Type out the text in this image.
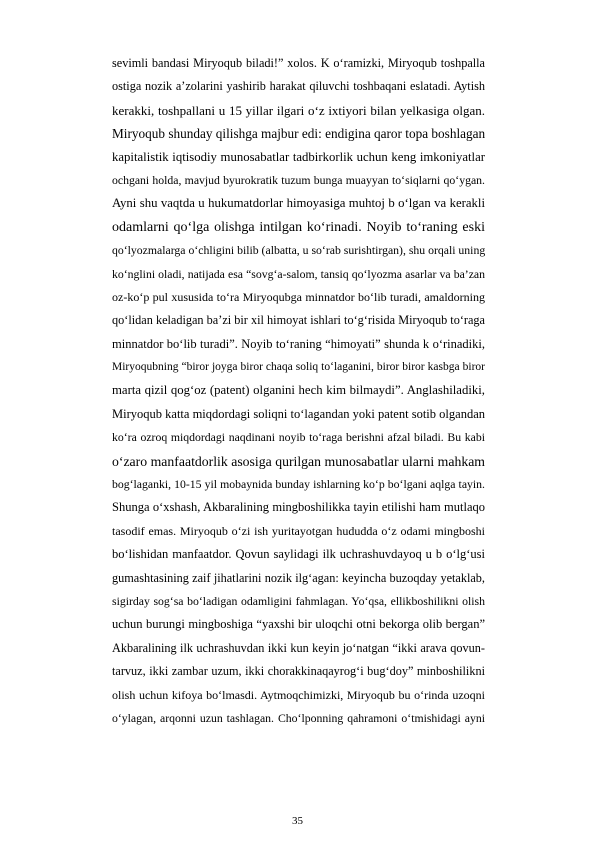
sevimli bandasi Miryoqub biladi!” xolos. K o‘ramizki, Miryoqub toshpalla
ostiga nozik a’zolarini yashirib harakat qiluvchi toshbaqani eslatadi. Aytish
kerakki, toshpallani u 15 yillar ilgari o‘z ixtiyori bilan yelkasiga olgan.
Miryoqub shunday qilishga majbur edi: endigina qaror topa boshlagan
kapitalistik iqtisodiy munosabatlar tadbirkorlik uchun keng imkoniyatlar
ochgani holda, mavjud byurokratik tuzum bunga muayyan to‘siqlarni qo‘ygan.
Ayni shu vaqtda u hukumatdorlar himoyasiga muhtoj b o‘lgan va kerakli
odamlarni qo‘lga olishga intilgan ko‘rinadi. Noyib to‘raning eski
qo‘lyozmalarga o‘chligini bilib (albatta, u so‘rab surishtirgan), shu orqali uning
ko‘nglini oladi, natijada esa “sovg‘a-salom, tansiq qo‘lyozma asarlar va ba’zan
oz-ko‘p pul xususida to‘ra Miryoqubga minnatdor bo‘lib turadi, amaldorning
qo‘lidan keladigan ba’zi bir xil himoyat ishlari to‘g‘risida Miryoqub to‘raga
minnatdor bo‘lib turadi”. Noyib to‘raning “himoyati” shunda k o‘rinadiki,
Miryoqubning “biror joyga biror chaqa soliq to‘laganini, biror biror kasbga biror
marta qizil qog‘oz (patent) olganini hech kim bilmaydi”. Anglashiladiki,
Miryoqub katta miqdordagi soliqni to‘lagandan yoki patent sotib olgandan
ko‘ra ozroq miqdordagi naqdinani noyib to‘raga berishni afzal biladi. Bu kabi
o‘zaro manfaatdorlik asosiga qurilgan munosabatlar ularni mahkam
bog‘laganki, 10-15 yil mobaynida bunday ishlarning ko‘p bo‘lgani aqlga tayin.
Shunga o‘xshash, Akbaralining mingboshilikka tayin etilishi ham mutlaqo
tasodif emas. Miryoqub o‘zi ish yuritayotgan hududda o‘z odami mingboshi
bo‘lishidan manfaatdor. Qovun saylidagi ilk uchrashuvdayoq u b o‘lg‘usi
gumashtasining zaif jihatlarini nozik ilg‘agan: keyincha buzoqday yetaklab,
sigirday sog‘sa bo‘ladigan odamligini fahmlagan. Yo‘qsa, ellikboshilikni olish
uchun burungi mingboshiga “yaxshi bir uloqchi otni bekorga olib bergan”
Akbaralining ilk uchrashuvdan ikki kun keyin jo‘natgan “ikki arava qovun-
tarvuz, ikki zambar uzum, ikki chorakkinaqayrog‘i bug‘doy” minboshilikni
olish uchun kifoya bo‘lmasdi. Aytmoqchimizki, Miryoqub bu o‘rinda uzoqni
o‘ylagan, arqonni uzun tashlagan. Cho‘lponning qahramoni o‘tmishidagi ayni
35
